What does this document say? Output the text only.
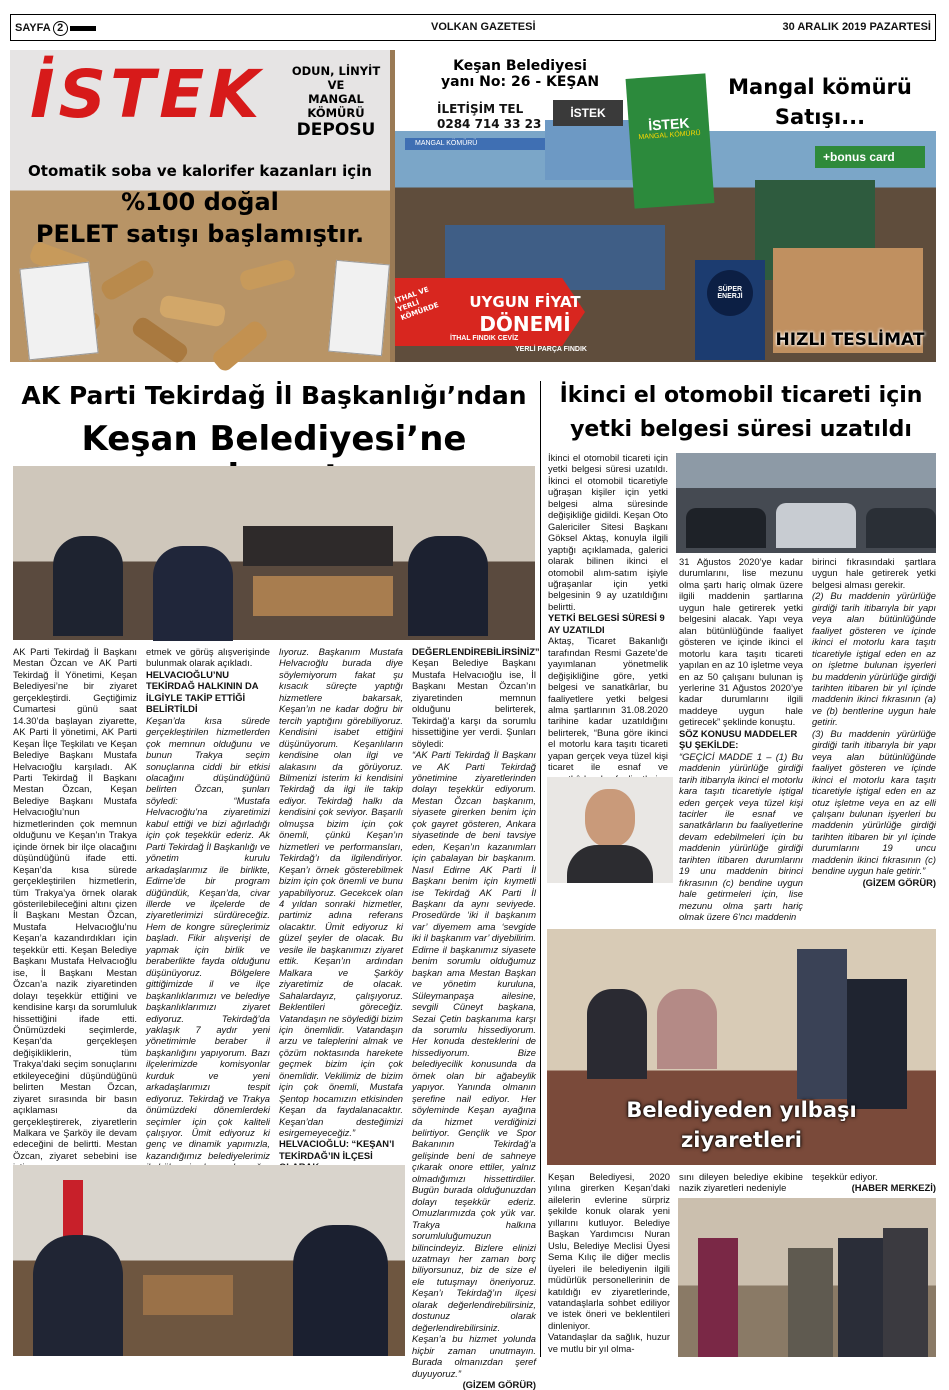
SAYFA 2	VOLKAN GAZETESİ	30 ARALIK 2019 PAZARTESİ
İSTEK	ODUN, LİNYİT VE
MANGAL KÖMÜRÜ
DEPOSU
Otomatik soba ve kalorifer kazanları için
%100 doğal
PELET satışı başlamıştır.
MANGAL KÖMÜRÜ
Keşan Belediyesi
yanı No: 26 - KEŞAN
İLETİŞİM TEL
0284 714 33 23	İSTEK
MANGAL KÖMÜRÜ
İSTEK
Mangal kömürü
Satışı...
+bonus card
İTHAL VE YERLİ KÖMÜRDE	UYGUN FİYAT
DÖNEMİ
İTHAL FINDIK CEVİZ
YERLİ PARÇA FINDIK
SÜPER ENERJİ
HIZLI TESLİMAT
AK Parti Tekirdağ İl Başkanlığı’ndan
Keşan Belediyesi’ne

AK Parti Tekirdağ İl Başkanı Mestan Özcan ve AK Parti Tekirdağ İl Yönetimi, Keşan Belediyesi’ne bir ziyaret gerçekleştirdi. Geçtiğimiz Cumartesi günü saat 14.30’da başlayan ziyarette, AK Parti İl yönetimi, AK Parti Keşan İlçe Teşkilatı ve Keşan Belediye Başkanı Mustafa Helvacıoğlu karşıladı. AK Parti Tekirdağ İl Başkanı Mestan Özcan, Keşan Belediye Başkanı Mustafa Helvacıoğlu’nun hizmetlerinden çok memnun olduğunu ve Keşan’ın Trakya içinde örnek bir ilçe olacağını düşündüğünü ifade etti. Keşan’da kısa sürede gerçekleştirilen hizmetlerin, tüm Trakya’ya örnek olarak gösterilebileceğini altını çizen İl Başkanı Mestan Özcan, Mustafa Helvacıoğlu’nu Keşan’a kazandırdıkları için teşekkür etti. Keşan Belediye Başkanı Mustafa Helvacıoğlu ise, İl Başkanı Mestan Özcan’a nazik ziyaretinden dolayı teşekkür ettiğini ve kendisine karşı da sorumluluk hissettiğini ifade etti. Önümüzdeki seçimlerde, Keşan’da gerçekleşen değişikliklerin, tüm Trakya’daki seçim sonuçlarını etkileyeceğini düşündüğünü belirten Mestan Özcan, ziyaret sırasında bir basın açıklaması da gerçekleştirerek, ziyaretlerin Malkara ve Şarköy ile devam edeceğini de belirtti. Mestan Özcan, ziyaret sebebini ise

etmek ve görüş alışverişinde bulunmak olarak açıkladı.

HELVACIOĞLU’NU TEKİRDAĞ HALKININ DA İLGİYLE TAKİP ETTİĞİ BELİRTİLDİ

Keşan’da kısa sürede gerçekleştirilen hizmetlerden çok memnun olduğunu ve bunun Trakya seçim sonuçlarına ciddi bir etkisi olacağını düşündüğünü belirten Özcan, şunları söyledi: “Mustafa Helvacıoğlu’na ziyaretimizi kabul ettiği ve bizi ağırladığı için çok teşekkür ederiz. Ak Parti Tekirdağ İl Başkanlığı ve yönetim kurulu arkadaşlarımız ile birlikte, Edirne’de bir program düğündük, Keşan’da, civar illerde ve ilçelerde de ziyaretlerimizi sürdüreceğiz. Hem de kongre süreçlerimiz başladı. Fikir alışverişi de yapmak için birlik ve beraberlikte fayda olduğunu düşünüyoruz. Bölgelere gittiğimizde il ve ilçe başkanlıklarımızı ve belediye başkanlıklarımızı ziyaret ediyoruz. Tekirdağ’da yaklaşık 7 aydır yeni yönetimimle beraber il başkanlığını yapıyorum. Bazı ilçelerimizde komisyonlar kurduk ve yeni arkadaşlarımızı tespit ediyoruz. Tekirdağ ve Trakya önümüzdeki dönemlerdeki seçimler için çok kaliteli çalışıyor. Ümit ediyoruz ki genç ve dinamik yapımızla, kazandığımız belediyelerimiz

lıyoruz. Başkanım Mustafa Helvacıoğlu burada diye söylemiyorum fakat şu kısacık süreçte yaptığı hizmetlere bakarsak, Keşan’ın ne kadar doğru bir tercih yaptığını görebiliyoruz. Kendisini isabet ettiğini düşünüyorum. Keşanlıların kendisine olan ilgi ve alakasını da görüyoruz. Bilmenizi isterim ki kendisini Tekirdağ da ilgi ile takip ediyor. Tekirdağ halkı da kendisini çok seviyor. Başarılı olmuşsa bizim için çok önemli, çünkü Keşan’ın hizmetleri ve performansları, Tekirdağ’ı da ilgilendiriyor. Keşan’ı örnek gösterebilmek bizim için çok önemli ve bunu yapabiliyoruz. Gecekcek olan 4 yıldan sonraki hizmetler, partimiz adına referans olacaktır. Ümit ediyoruz ki güzel şeyler de olacak. Bu vesile ile başkanımızı ziyaret ettik. Keşan’ın ardından Malkara ve Şarköy ziyaretimiz de olacak. Sahalardayız, çalışıyoruz. Beklentileri göreceğiz. Vatandaşın ne söylediği bizim için önemlidir. Vatandaşın arzu ve taleplerini almak ve çözüm noktasında harekete geçmek bizim için çok önemlidir. Vekilimiz de bizim için çok önemli, Mustafa Şentop hocamızın etkisinden Keşan da faydalanacaktır. Keşan’dan desteğimizi esirgemeyeceğiz.”

HELVACIOĞLU: “KEŞAN’I TEKİRDAĞ’IN İLÇESİ

DEĞERLENDİREBİLİRSİNİZ”

Keşan Belediye Başkanı Mustafa Helvacıoğlu ise, İl Başkanı Mestan Özcan’ın ziyaretinden memnun olduğunu belirterek, Tekirdağ’a karşı da sorumlu hissettiğine yer verdi. Şunları söyledi:

“AK Parti Tekirdağ İl Başkanı ve AK Parti Tekirdağ yönetimine ziyaretlerinden dolayı teşekkür ediyorum. Mestan Özcan başkanım, siyasete girerken benim için çok gayret gösteren, Ankara siyasetinde de beni tavsiye eden, Keşan’ın kazanımları için çabalayan bir başkanım. Nasıl Edirne AK Parti İl Başkanı benim için kıymetli ise Tekirdağ AK Parti İl Başkanı da aynı seviyede. Prosedürde ‘iki il başkanım var’ diyemem ama ‘sevgide iki il başkanım var’ diyebilirim. Edirne il başkanımız siyasete benim sorumlu olduğumuz başkan ama Mestan Başkan ve yönetim kuruluna, Süleymanpaşa ailesine, sevgili Cüneyt başkana, Sezai Çetin başkanıma karşı da sorumlu hissediyorum. Her konuda desteklerini de hissediyorum. Bize belediyecilik konusunda da örnek olan bir ağabeylik yapıyor. Yanında olmanın şerefine nail ediyor. Her söyleminde Keşan ayağına da hizmet verdiğinizi belirtiyor. Gençlik ve Spor Bakanının Tekirdağ’a gelişinde beni de sahneye çıkarak onore ettiler, yalnız olmadığımızı hissettirdiler. Bugün burada olduğunuzdan dolayı teşekkür ederiz. Omuzlarımızda çok yük var. Trakya halkına sorumluluğumuzun bilincindeyiz. Bizlere elinizi uzatmayı her zaman borç biliyorsunuz, biz de size el ele tutuşmayı öneriyoruz. Keşan’ı Tekirdağ’ın ilçesi olarak değerlendirebilirsiniz, dostunuz olarak değerlendirebilirsiniz. Keşan’a bu hizmet yolunda hiçbir zaman unutmayın. Burada olmanızdan şeref duyuyoruz.”

(GİZEM GÖRÜR)

İkinci el otomobil ticareti için
yetki belgesi süresi uzatıldı

İkinci el otomobil ticareti için yetki belgesi süresi uzatıldı. İkinci el otomobil ticaretiyle uğraşan kişiler için yetki belgesi alma süresinde değişikliğe gidildi. Keşan Oto Galericiler Sitesi Başkanı Göksel Aktaş, konuyla ilgili yaptığı açıklamada, galerici olarak bilinen ikinci el otomobil alım-satım işiyle uğraşanlar için yetki belgesinin 9 ay uzatıldığını belirtti.

YETKİ BELGESİ SÜRESİ 9 AY UZATILDI

Aktaş, Ticaret Bakanlığı tarafından Resmi Gazete’de yayımlanan yönetmelik değişikliğine göre, yetki belgesi ve sanatkârlar, bu faaliyetlere yetki belgesi alma şartlarının 31.08.2020 tarihine kadar uzatıldığını belirterek, “Buna göre ikinci el motorlu kara taşıtı ticareti yapan gerçek veya tüzel kişi ticaret ile esnaf ve

31 Ağustos 2020’ye kadar durumlarını, lise mezunu olma şartı hariç olmak üzere ilgili maddenin şartlarına uygun hale getirerek yetki belgesini alacak. Yapı veya alan bütünlüğünde faaliyet gösteren ve içinde ikinci el motorlu kara taşıtı ticareti yapılan en az 10 işletme veya en az 50 çalışanı bulunan iş yerlerine 31 Ağustos 2020’ye kadar durumlarını ilgili maddeye uygun hale getirecek” şeklinde konuştu.

SÖZ KONUSU MADDELER ŞU ŞEKİLDE:

“GEÇİCİ MADDE 1 – (1) Bu maddenin yürürlüğe girdiği tarih itibarıyla ikinci el motorlu kara taşıtı ticaretiyle iştigal eden gerçek veya tüzel kişi tacirler ile esnaf ve sanatkârların bu faaliyetlerine devam edebilmeleri için bu maddenin yürürlüğe girdiği tarihten itibaren durumlarını 19 unu maddenin birinci fıkrasının (c) bendine uygun hale getirmeleri için, lise mezunu olma şartı hariç olmak üzere 6’ncı maddenin

birinci fıkrasındaki şartlara uygun hale getirerek yetki belgesi alması gerekir.

(2) Bu maddenin yürürlüğe girdiği tarih itibarıyla bir yapı veya alan bütünlüğünde faaliyet gösteren ve içinde ikinci el motorlu kara taşıtı ticaretiyle iştigal eden en az on işletme bulunan işyerleri bu maddenin yürürlüğe girdiği tarihten itibaren bir yıl içinde maddenin ikinci fıkrasının (a) ve (b) bentlerine uygun hale getirir.

(3) Bu maddenin yürürlüğe girdiği tarih itibarıyla bir yapı veya alan bütünlüğünde faaliyet gösteren ve içinde ikinci el motorlu kara taşıtı ticaretiyle iştigal eden en az otuz işletme veya en az elli çalışanı bulunan işyerleri bu maddenin yürürlüğe girdiği tarihten itibaren bir yıl içinde durumlarını 19 uncu maddenin ikinci fıkrasının (c) bendine uygun hale getirir.”

(GİZEM GÖRÜR)

Belediyeden yılbaşı
ziyaretleri

Keşan Belediyesi, 2020 yılına girerken Keşan’daki ailelerin evlerine sürpriz şekilde konuk olarak yeni yıllarını kutluyor. Belediye Başkan Yardımcısı Nuran Uslu, Belediye Meclisi Üyesi Sema Kılıç ile diğer meclis üyeleri ile belediyenin ilgili müdürlük personellerinin de katıldığı ev ziyaretlerinde, vatandaşlarla sohbet ediliyor ve istek öneri ve beklentileri dinleniyor.

Vatandaşlar da sağlık, huzur ve mutlu bir yıl olma-

sını dileyen belediye ekibine nazik ziyaretleri nedeniyle

teşekkür ediyor.

(HABER MERKEZİ)
